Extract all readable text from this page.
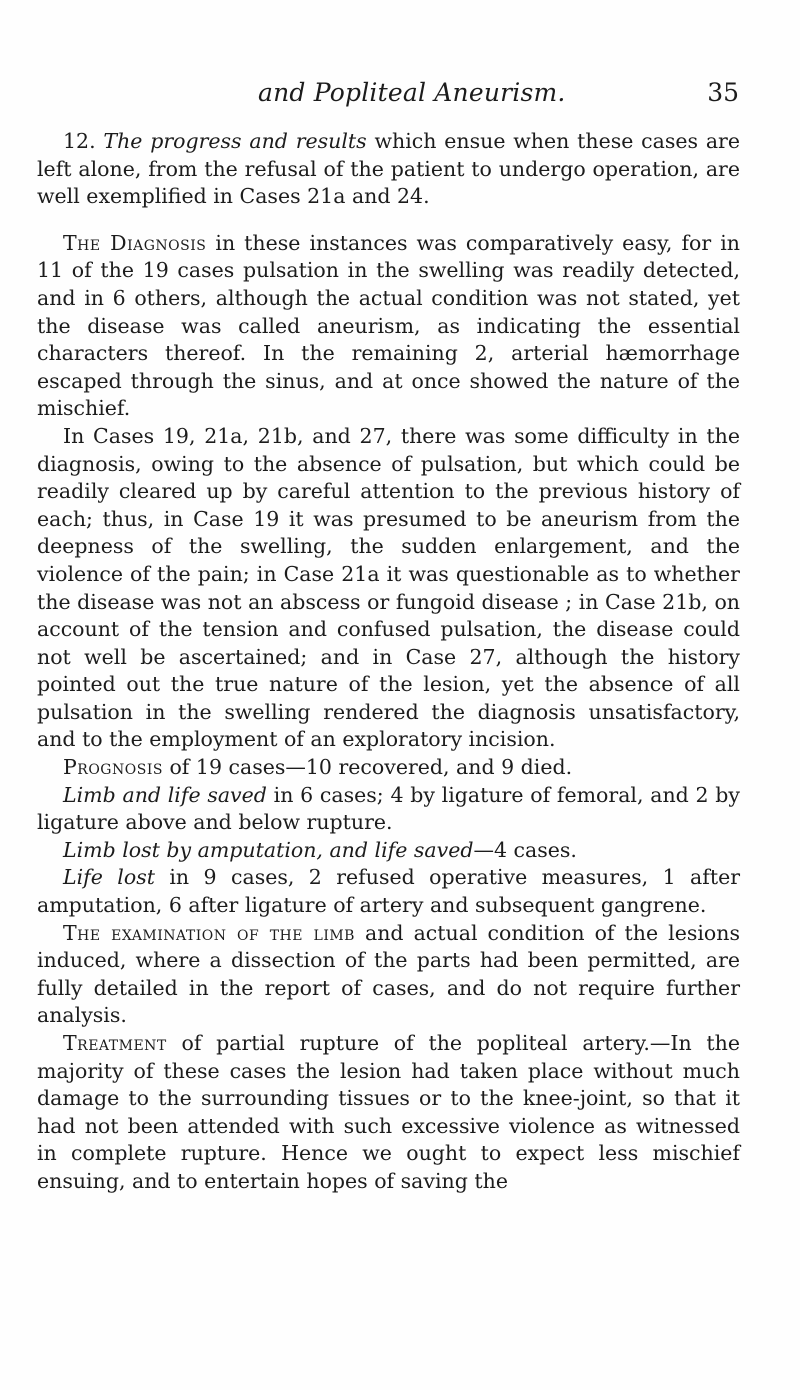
and Popliteal Aneurism.	35

12. The progress and results which ensue when these cases are left alone, from the refusal of the patient to undergo operation, are well exemplified in Cases 21a and 24.

The Diagnosis in these instances was comparatively easy, for in 11 of the 19 cases pulsation in the swelling was readily detected, and in 6 others, although the actual condition was not stated, yet the disease was called aneurism, as indicating the essential characters thereof. In the remaining 2, arterial hæmorrhage escaped through the sinus, and at once showed the nature of the mischief.

In Cases 19, 21a, 21b, and 27, there was some difficulty in the diagnosis, owing to the absence of pulsation, but which could be readily cleared up by careful attention to the previous history of each; thus, in Case 19 it was presumed to be aneurism from the deepness of the swelling, the sudden enlargement, and the violence of the pain; in Case 21a it was questionable as to whether the disease was not an abscess or fungoid disease ; in Case 21b, on account of the tension and confused pulsation, the disease could not well be ascertained; and in Case 27, although the history pointed out the true nature of the lesion, yet the absence of all pulsation in the swelling rendered the diagnosis unsatisfactory, and to the employment of an exploratory incision.

Prognosis of 19 cases—10 recovered, and 9 died.

Limb and life saved in 6 cases; 4 by ligature of femoral, and 2 by ligature above and below rupture.

Limb lost by amputation, and life saved—4 cases.

Life lost in 9 cases, 2 refused operative measures, 1 after amputation, 6 after ligature of artery and subsequent gangrene.

The examination of the limb and actual condition of the lesions induced, where a dissection of the parts had been permitted, are fully detailed in the report of cases, and do not require further analysis.

Treatment of partial rupture of the popliteal artery.—In the majority of these cases the lesion had taken place without much damage to the surrounding tissues or to the knee-joint, so that it had not been attended with such excessive violence as witnessed in complete rupture. Hence we ought to expect less mischief ensuing, and to entertain hopes of saving the
